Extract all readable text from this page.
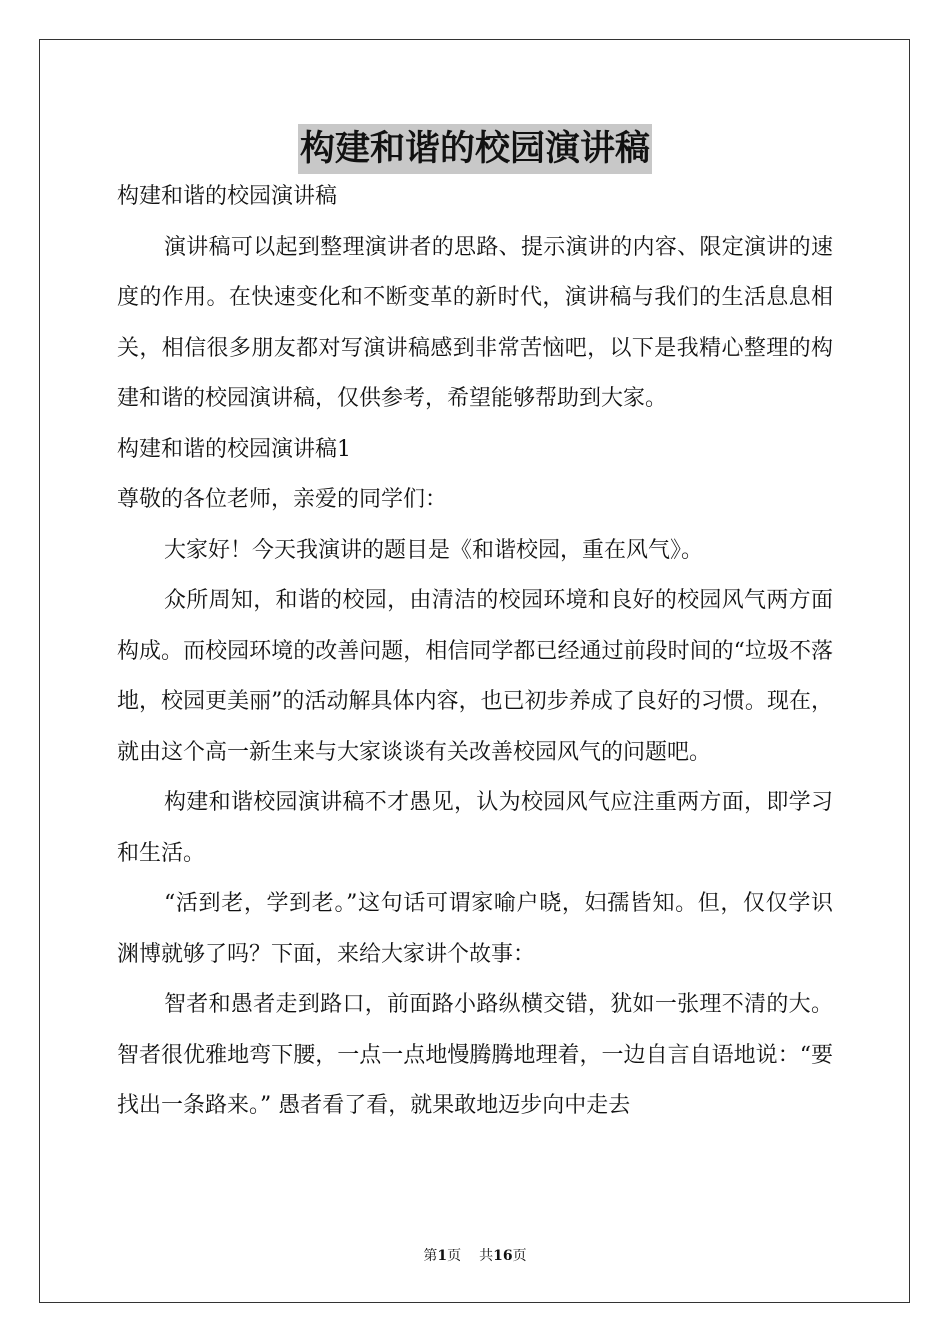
构建和谐的校园演讲稿

构建和谐的校园演讲稿

演讲稿可以起到整理演讲者的思路、提示演讲的内容、限定演讲的速度的作用。在快速变化和不断变革的新时代，演讲稿与我们的生活息息相关，相信很多朋友都对写演讲稿感到非常苦恼吧，以下是我精心整理的构建和谐的校园演讲稿，仅供参考，希望能够帮助到大家。

构建和谐的校园演讲稿1

尊敬的各位老师，亲爱的同学们：

大家好！今天我演讲的题目是《和谐校园，重在风气》。

众所周知，和谐的校园，由清洁的校园环境和良好的校园风气两方面构成。而校园环境的改善问题，相信同学都已经通过前段时间的“垃圾不落地，校园更美丽”的活动解具体内容，也已初步养成了良好的习惯。现在，就由这个高一新生来与大家谈谈有关改善校园风气的问题吧。

构建和谐校园演讲稿不才愚见，认为校园风气应注重两方面，即学习和生活。

“活到老，学到老。”这句话可谓家喻户晓，妇孺皆知。但，仅仅学识渊博就够了吗？下面，来给大家讲个故事：

智者和愚者走到路口，前面路小路纵横交错，犹如一张理不清的大。智者很优雅地弯下腰，一点一点地慢腾腾地理着，一边自言自语地说：“要找出一条路来。” 愚者看了看，就果敢地迈步向中走去

第1页 共16页
